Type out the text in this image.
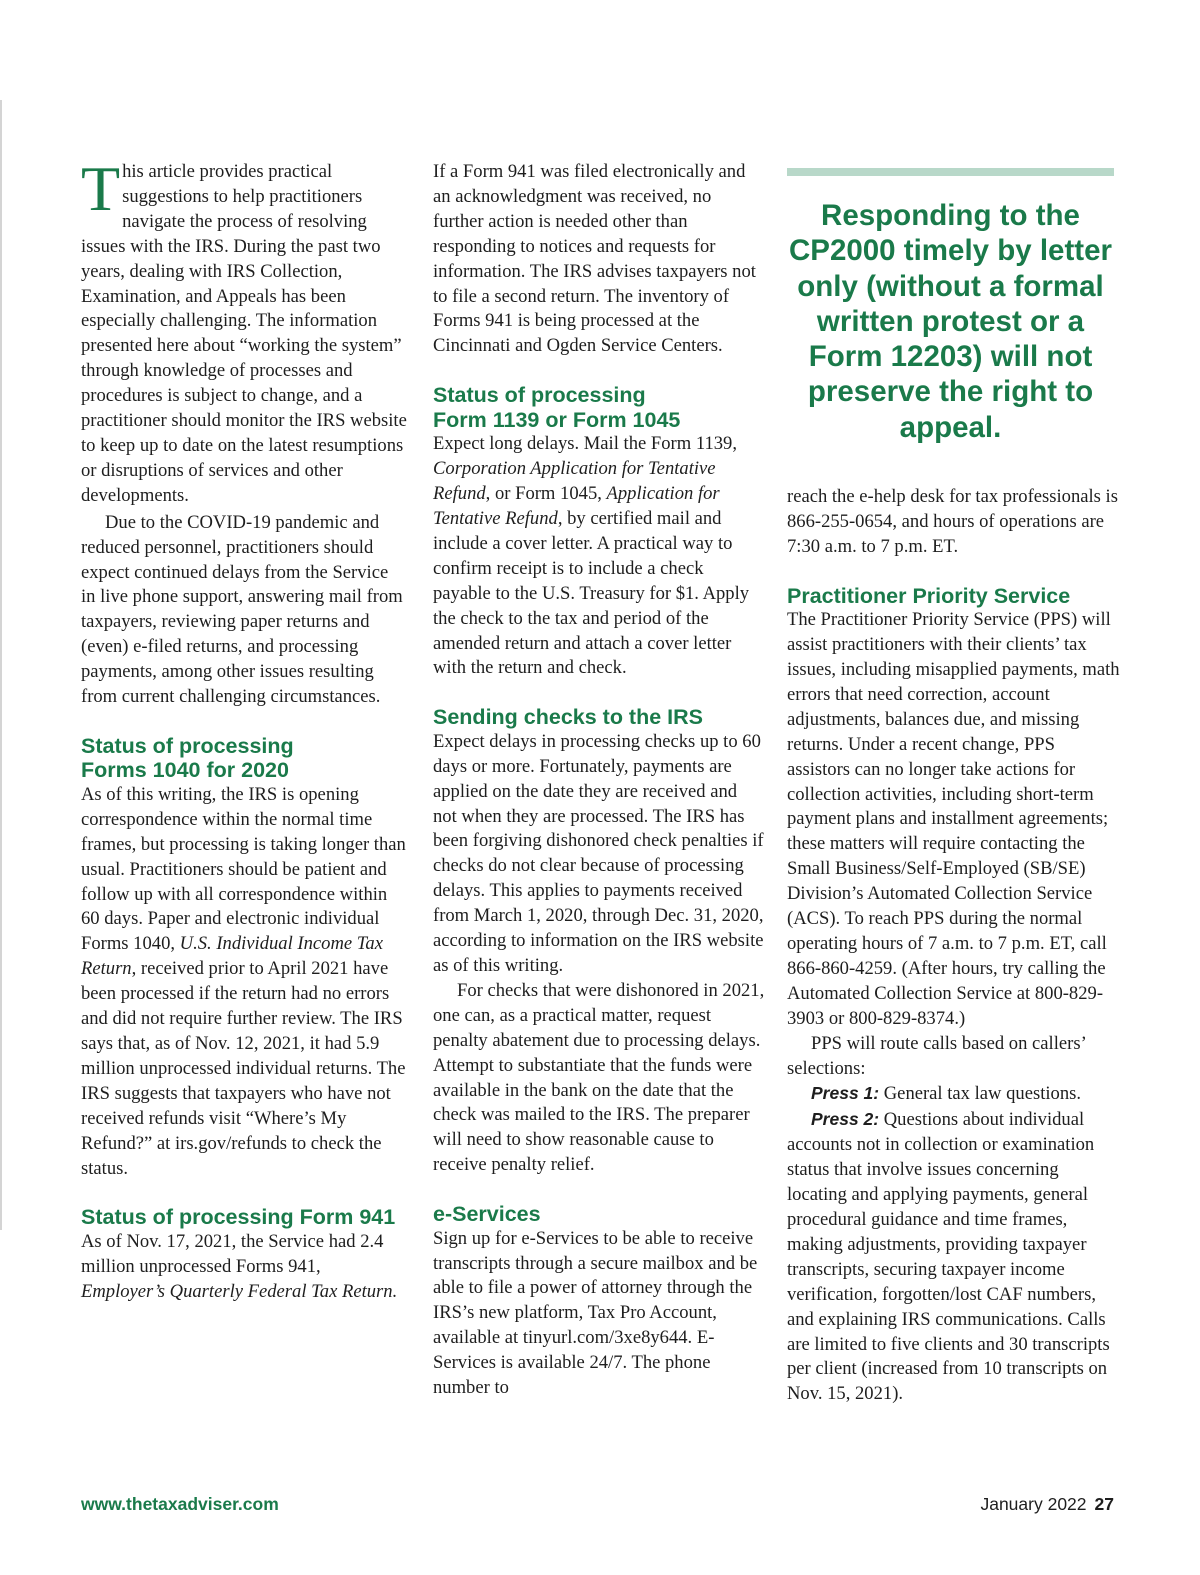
This article provides practical suggestions to help practitioners navigate the process of resolving issues with the IRS. During the past two years, dealing with IRS Collection, Examination, and Appeals has been especially challenging. The information presented here about “working the system” through knowledge of processes and procedures is subject to change, and a practitioner should monitor the IRS website to keep up to date on the latest resumptions or disruptions of services and other developments.

Due to the COVID-19 pandemic and reduced personnel, practitioners should expect continued delays from the Service in live phone support, answering mail from taxpayers, reviewing paper returns and (even) e-filed returns, and processing payments, among other issues resulting from current challenging circumstances.

Status of processing
Forms 1040 for 2020

As of this writing, the IRS is opening correspondence within the normal time frames, but processing is taking longer than usual. Practitioners should be patient and follow up with all correspondence within 60 days. Paper and electronic individual Forms 1040, U.S. Individual Income Tax Return, received prior to April 2021 have been processed if the return had no errors and did not require further review. The IRS says that, as of Nov. 12, 2021, it had 5.9 million unprocessed individual returns. The IRS suggests that taxpayers who have not received refunds visit “Where’s My Refund?” at irs.gov/refunds to check the status.

Status of processing Form 941

As of Nov. 17, 2021, the Service had 2.4 million unprocessed Forms 941, Employer’s Quarterly Federal Tax Return.

If a Form 941 was filed electronically and an acknowledgment was received, no further action is needed other than responding to notices and requests for information. The IRS advises taxpayers not to file a second return. The inventory of Forms 941 is being processed at the Cincinnati and Ogden Service Centers.

Status of processing
Form 1139 or Form 1045

Expect long delays. Mail the Form 1139, Corporation Application for Tentative Refund, or Form 1045, Application for Tentative Refund, by certified mail and include a cover letter. A practical way to confirm receipt is to include a check payable to the U.S. Treasury for $1. Apply the check to the tax and period of the amended return and attach a cover letter with the return and check.

Sending checks to the IRS

Expect delays in processing checks up to 60 days or more. Fortunately, payments are applied on the date they are received and not when they are processed. The IRS has been forgiving dishonored check penalties if checks do not clear because of processing delays. This applies to payments received from March 1, 2020, through Dec. 31, 2020, according to information on the IRS website as of this writing.

For checks that were dishonored in 2021, one can, as a practical matter, request penalty abatement due to processing delays. Attempt to substantiate that the funds were available in the bank on the date that the check was mailed to the IRS. The preparer will need to show reasonable cause to receive penalty relief.

e-Services

Sign up for e-Services to be able to receive transcripts through a secure mailbox and be able to file a power of attorney through the IRS’s new platform, Tax Pro Account, available at tinyurl.com/3xe8y644. E-Services is available 24/7. The phone number to

Responding to the CP2000 timely by letter only (without a formal written protest or a Form 12203) will not preserve the right to appeal.

reach the e-help desk for tax professionals is 866-255-0654, and hours of operations are 7:30 a.m. to 7 p.m. ET.

Practitioner Priority Service

The Practitioner Priority Service (PPS) will assist practitioners with their clients’ tax issues, including misapplied payments, math errors that need correction, account adjustments, balances due, and missing returns. Under a recent change, PPS assistors can no longer take actions for collection activities, including short-term payment plans and installment agreements; these matters will require contacting the Small Business/Self-Employed (SB/SE) Division’s Automated Collection Service (ACS). To reach PPS during the normal operating hours of 7 a.m. to 7 p.m. ET, call 866-860-4259. (After hours, try calling the Automated Collection Service at 800-829-3903 or 800-829-8374.)

PPS will route calls based on callers’ selections:

Press 1: General tax law questions.

Press 2: Questions about individual accounts not in collection or examination status that involve issues concerning locating and applying payments, general procedural guidance and time frames, making adjustments, providing taxpayer transcripts, securing taxpayer income verification, forgotten/lost CAF numbers, and explaining IRS communications. Calls are limited to five clients and 30 transcripts per client (increased from 10 transcripts on Nov. 15, 2021).

www.thetaxadviser.com	January 2022 27
